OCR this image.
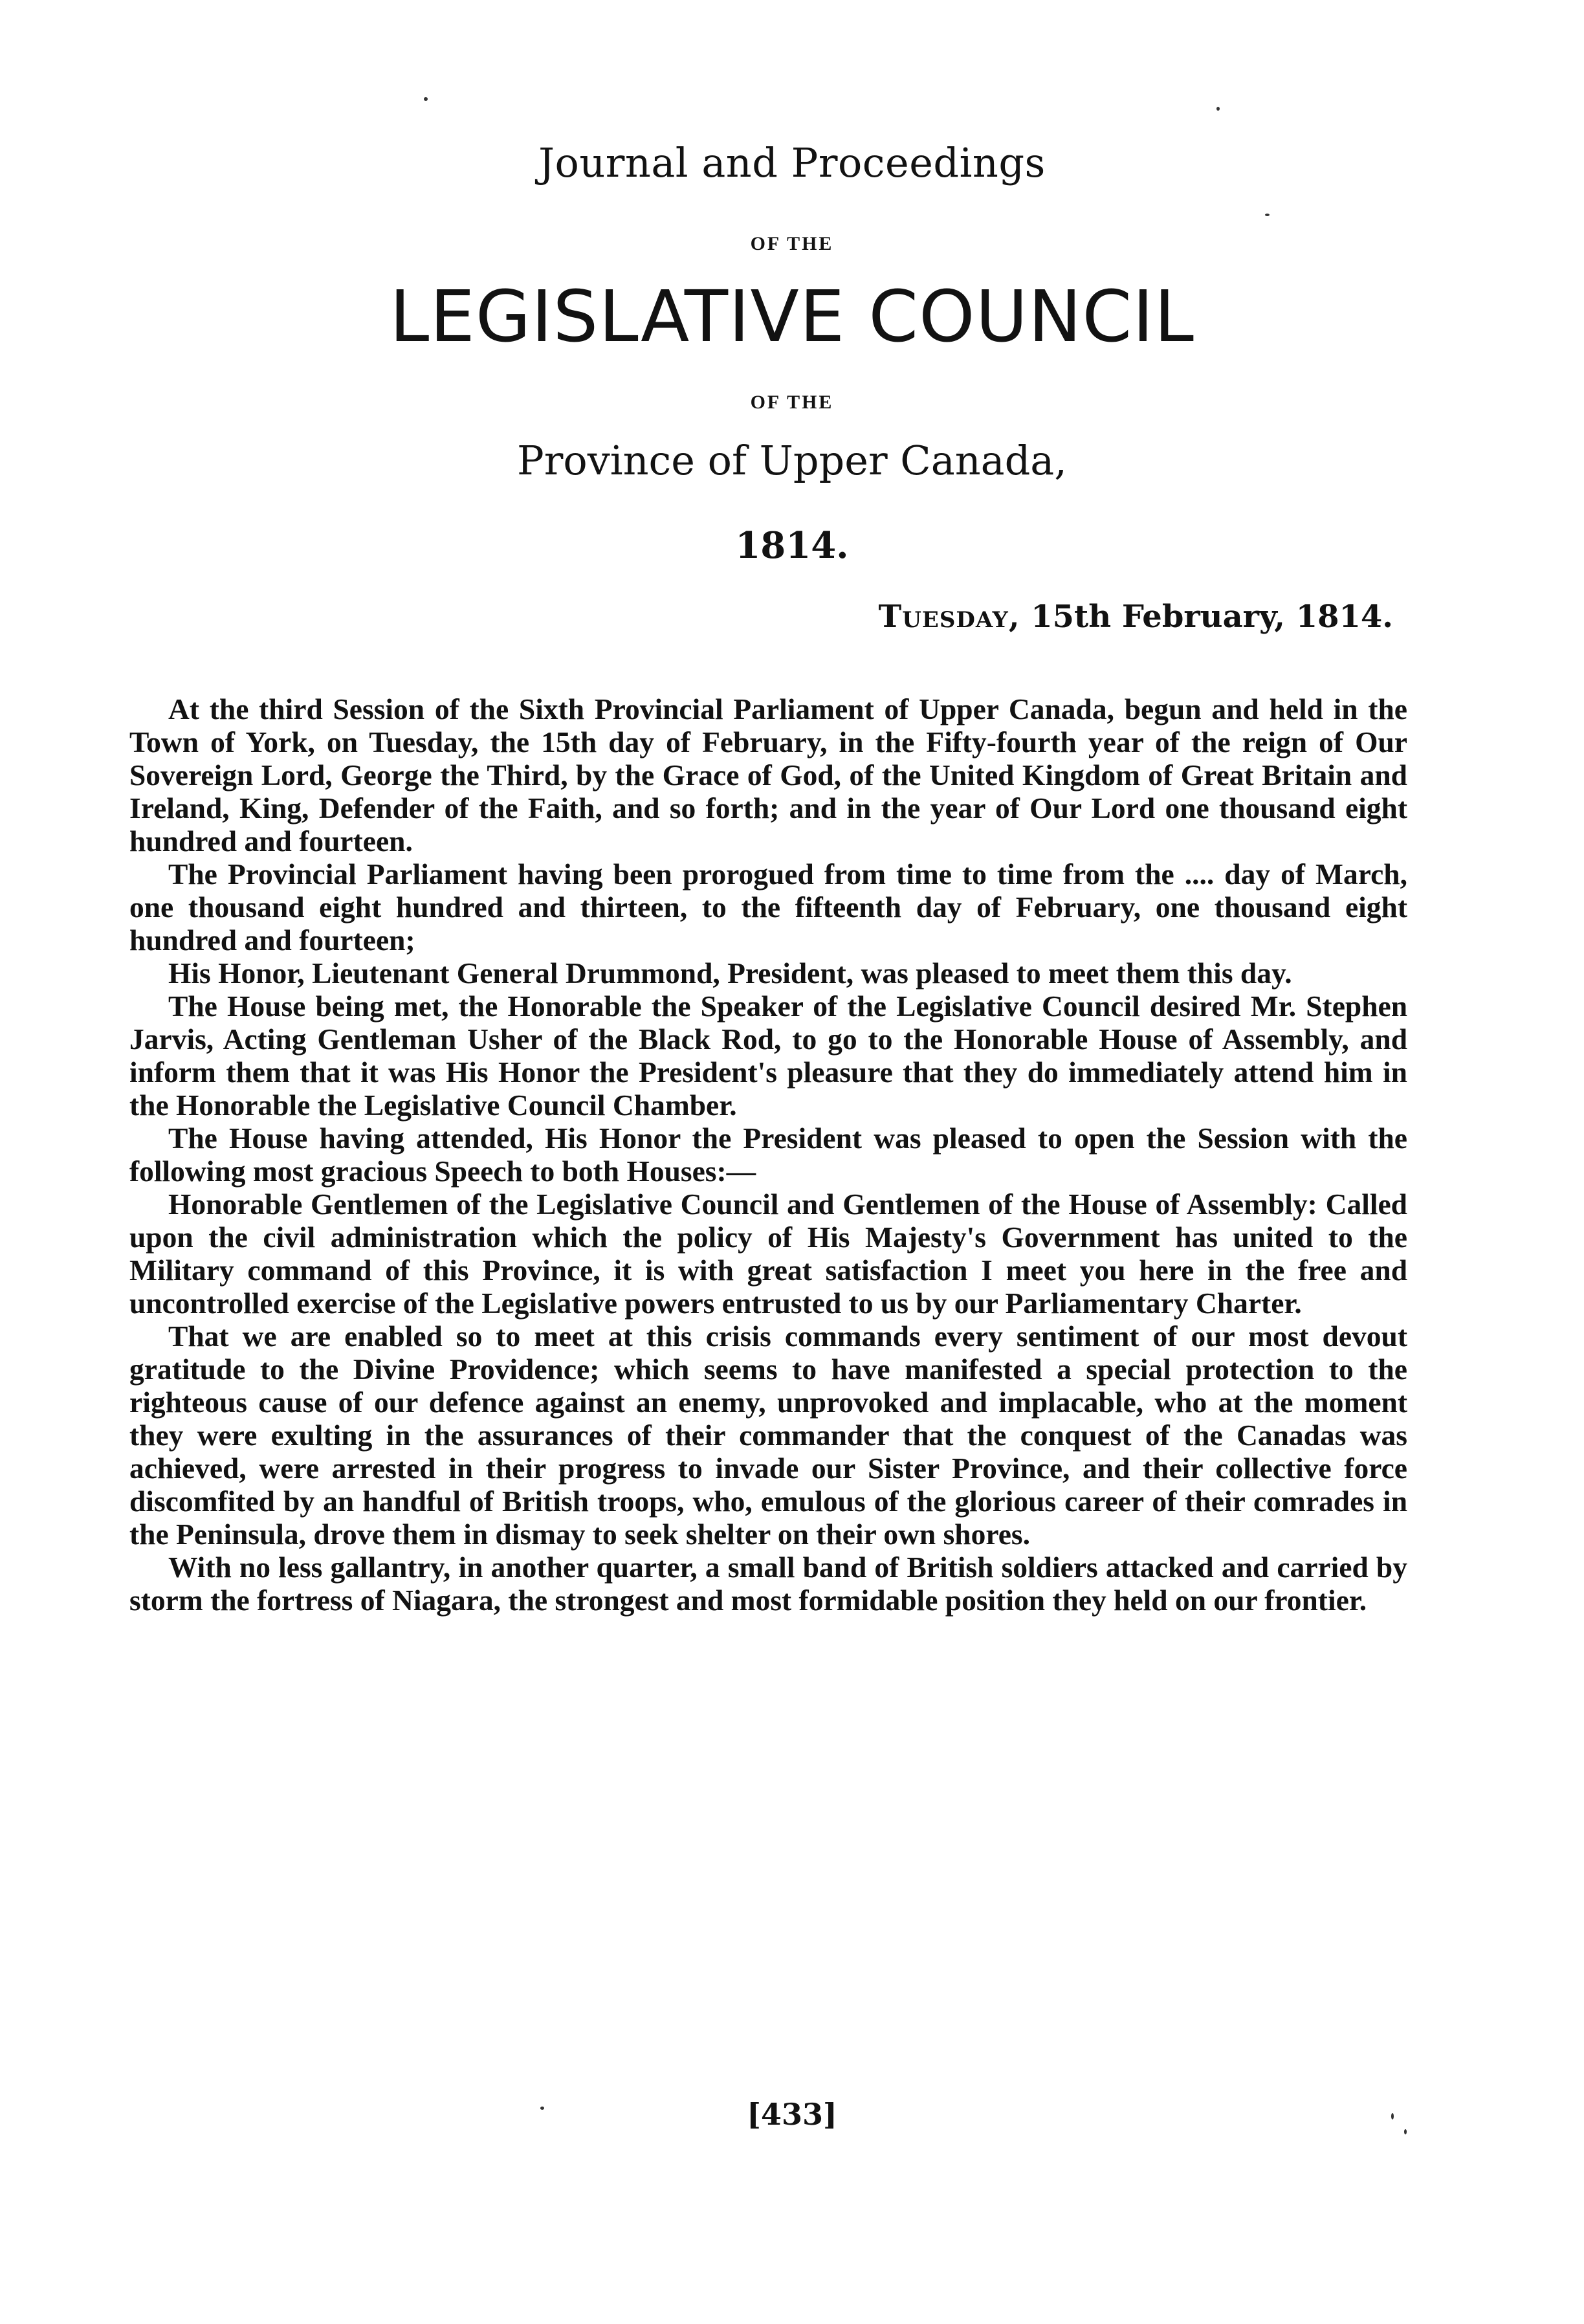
Journal and Proceedings
OF THE
LEGISLATIVE COUNCIL
OF THE
Province of Upper Canada,
1814.
Tuesday, 15th February, 1814.

At the third Session of the Sixth Provincial Parliament of Upper Canada, begun and held in the Town of York, on Tuesday, the 15th day of February, in the Fifty-fourth year of the reign of Our Sovereign Lord, George the Third, by the Grace of God, of the United Kingdom of Great Britain and Ireland, King, Defender of the Faith, and so forth; and in the year of Our Lord one thousand eight hundred and fourteen.

The Provincial Parliament having been prorogued from time to time from the .... day of March, one thousand eight hundred and thirteen, to the fifteenth day of February, one thousand eight hundred and fourteen;

His Honor, Lieutenant General Drummond, President, was pleased to meet them this day.

The House being met, the Honorable the Speaker of the Legislative Council desired Mr. Stephen Jarvis, Acting Gentleman Usher of the Black Rod, to go to the Honorable House of Assembly, and inform them that it was His Honor the President's pleasure that they do immediately attend him in the Honorable the Legislative Council Chamber.

The House having attended, His Honor the President was pleased to open the Session with the following most gracious Speech to both Houses:—

Honorable Gentlemen of the Legislative Council and Gentlemen of the House of Assembly: Called upon the civil administration which the policy of His Majesty's Government has united to the Military command of this Province, it is with great satisfaction I meet you here in the free and uncontrolled exercise of the Legislative powers entrusted to us by our Parliamentary Charter.

That we are enabled so to meet at this crisis commands every sentiment of our most devout gratitude to the Divine Providence; which seems to have manifested a special protection to the righteous cause of our defence against an enemy, unprovoked and implacable, who at the moment they were exulting in the assurances of their commander that the conquest of the Canadas was achieved, were arrested in their progress to invade our Sister Province, and their collective force discomfited by an handful of British troops, who, emulous of the glorious career of their comrades in the Peninsula, drove them in dismay to seek shelter on their own shores.

With no less gallantry, in another quarter, a small band of British soldiers attacked and carried by storm the fortress of Niagara, the strongest and most formidable position they held on our frontier.

[433]
